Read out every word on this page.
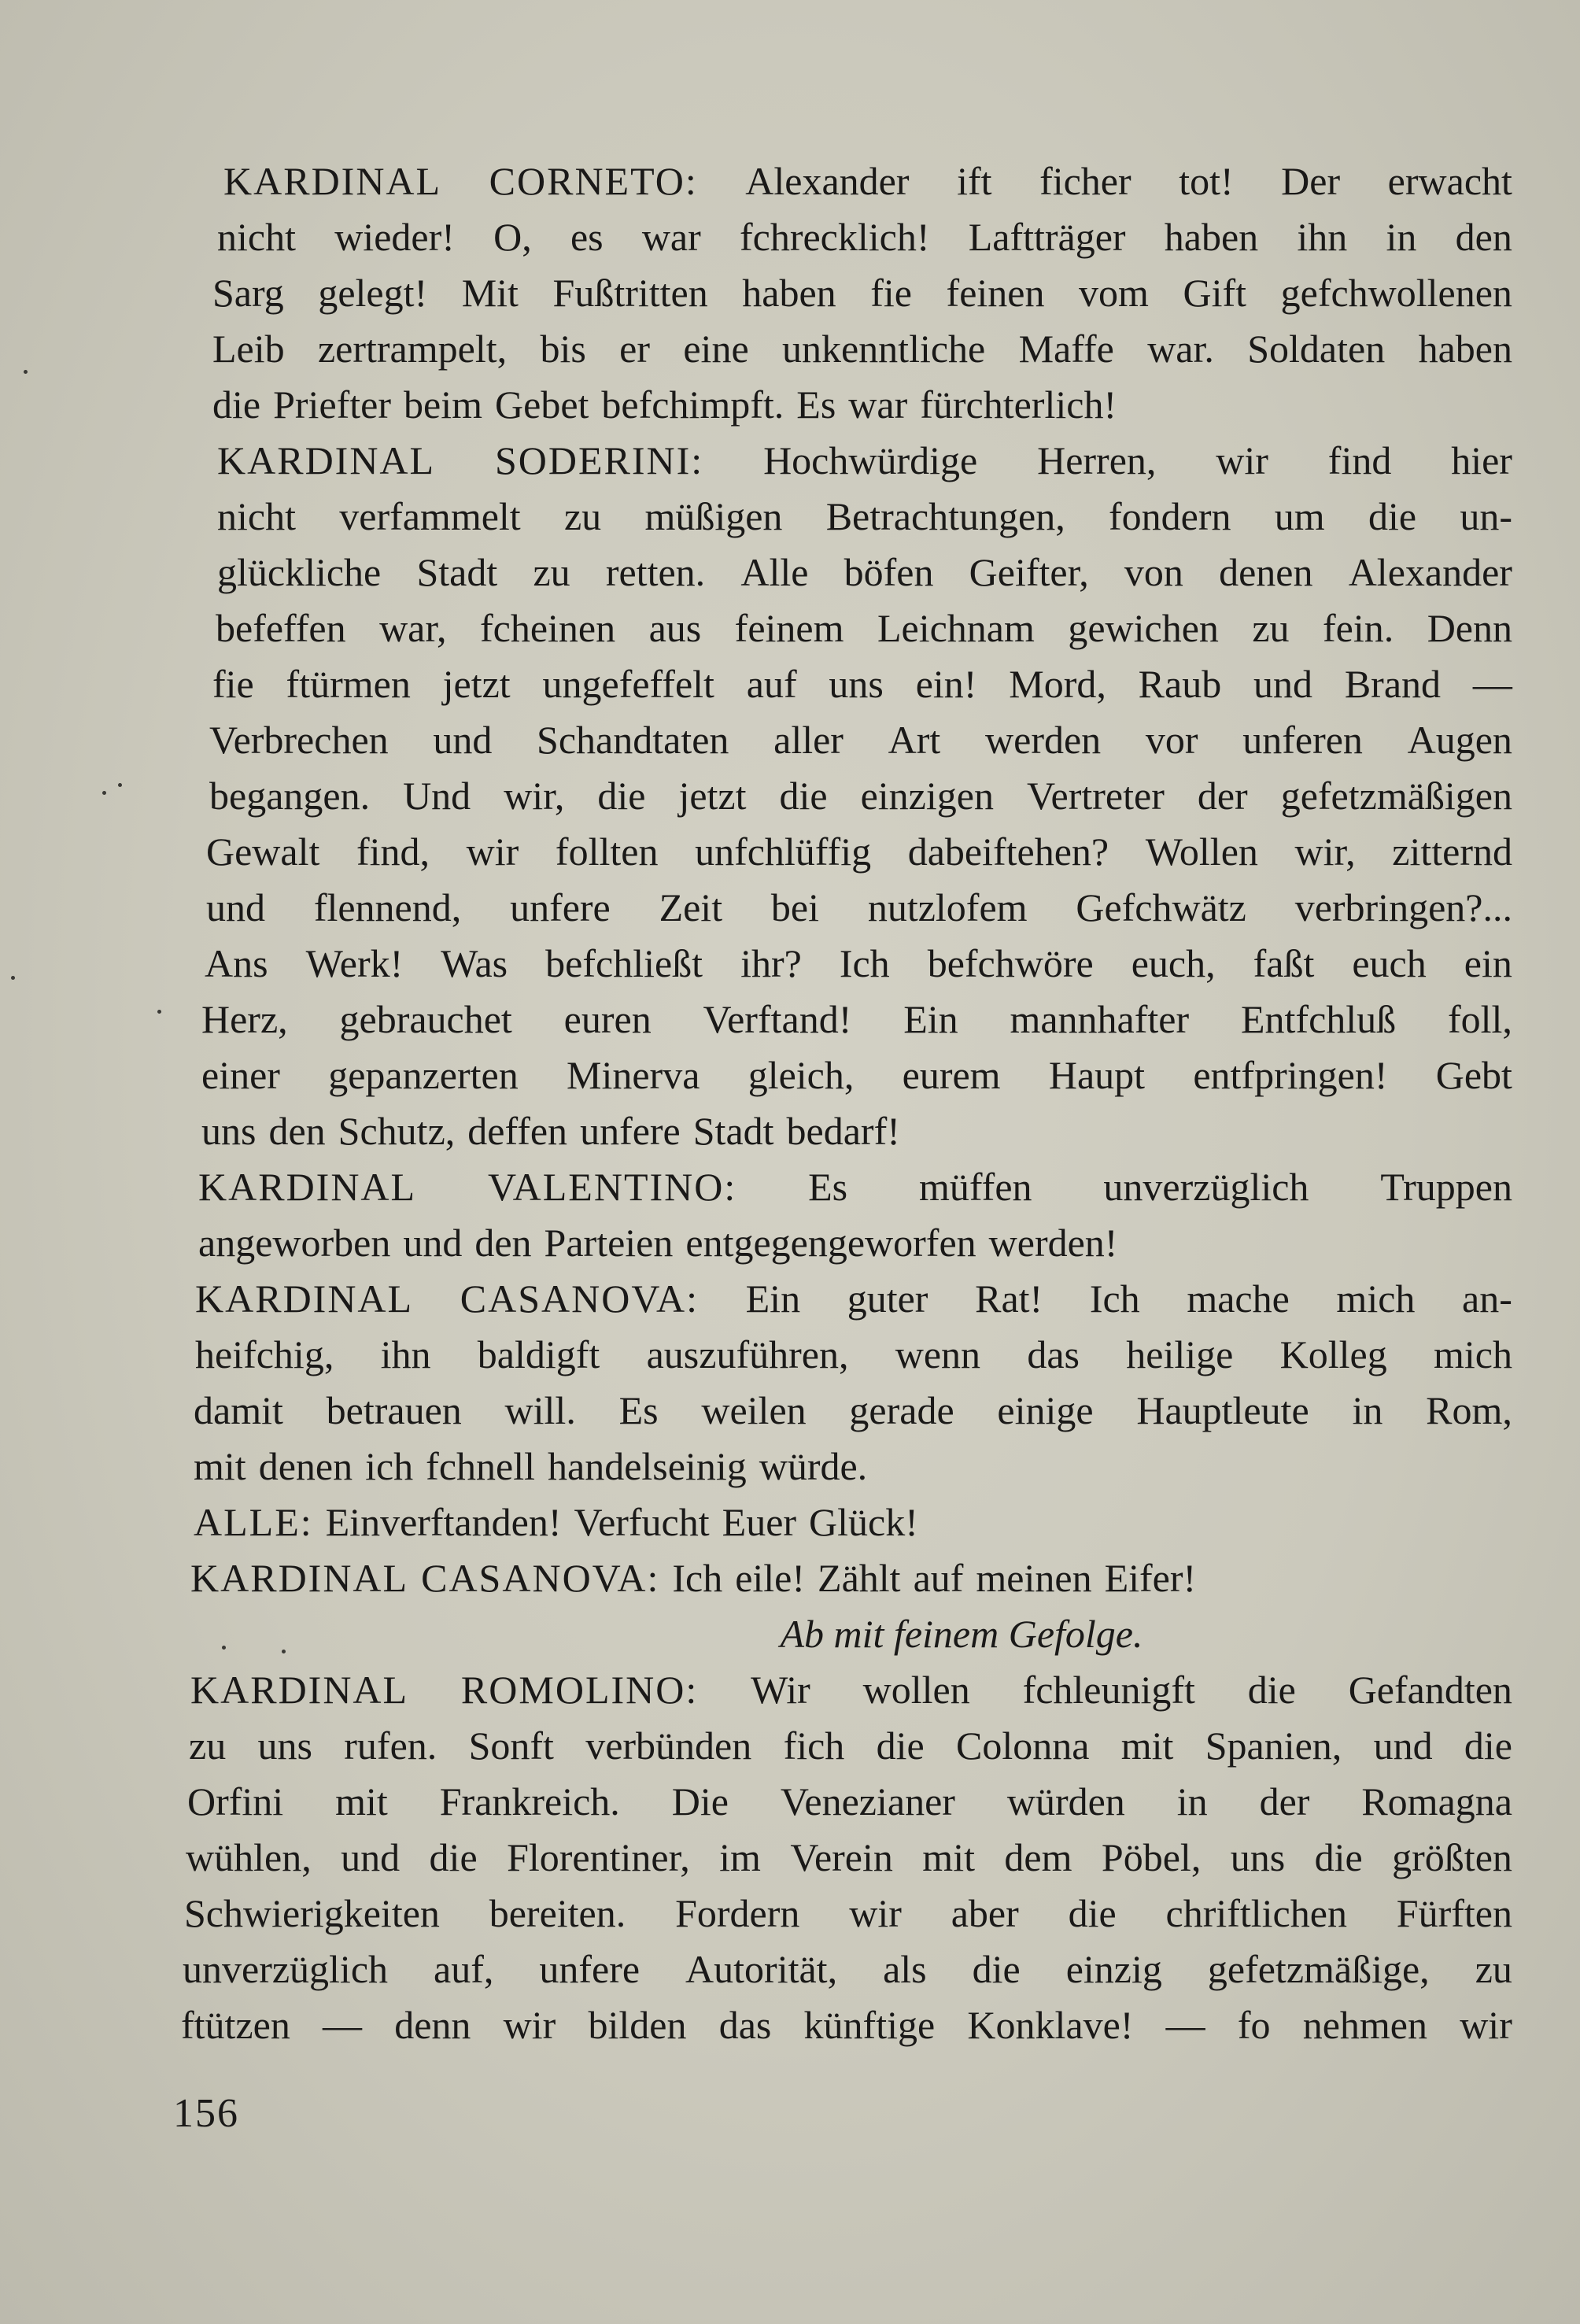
KARDINAL CORNETO: Alexander ift ficher tot! Der erwacht
nicht wieder! O, es war fchrecklich! Laftträger haben ihn in den
Sarg gelegt! Mit Fußtritten haben fie feinen vom Gift gefchwollenen
Leib zertrampelt, bis er eine unkenntliche Maffe war. Soldaten haben
die Priefter beim Gebet befchimpft. Es war fürchterlich!
KARDINAL SODERINI: Hochwürdige Herren, wir find hier
nicht verfammelt zu müßigen Betrachtungen, fondern um die un-
glückliche Stadt zu retten. Alle böfen Geifter, von denen Alexander
befeffen war, fcheinen aus feinem Leichnam gewichen zu fein. Denn
fie ftürmen jetzt ungefeffelt auf uns ein! Mord, Raub und Brand —
Verbrechen und Schandtaten aller Art werden vor unferen Augen
begangen. Und wir, die jetzt die einzigen Vertreter der gefetzmäßigen
Gewalt find, wir follten unfchlüffig dabeiftehen? Wollen wir, zitternd
und flennend, unfere Zeit bei nutzlofem Gefchwätz verbringen?...
Ans Werk! Was befchließt ihr? Ich befchwöre euch, faßt euch ein
Herz, gebrauchet euren Verftand! Ein mannhafter Entfchluß foll,
einer gepanzerten Minerva gleich, eurem Haupt entfpringen! Gebt
uns den Schutz, deffen unfere Stadt bedarf!
KARDINAL VALENTINO: Es müffen unverzüglich Truppen
angeworben und den Parteien entgegengeworfen werden!
KARDINAL CASANOVA: Ein guter Rat! Ich mache mich an-
heifchig, ihn baldigft auszuführen, wenn das heilige Kolleg mich
damit betrauen will. Es weilen gerade einige Hauptleute in Rom,
mit denen ich fchnell handelseinig würde.
ALLE: Einverftanden! Verfucht Euer Glück!
KARDINAL CASANOVA: Ich eile! Zählt auf meinen Eifer!
Ab mit feinem Gefolge.
KARDINAL ROMOLINO: Wir wollen fchleunigft die Gefandten
zu uns rufen. Sonft verbünden fich die Colonna mit Spanien, und die
Orfini mit Frankreich. Die Venezianer würden in der Romagna
wühlen, und die Florentiner, im Verein mit dem Pöbel, uns die größten
Schwierigkeiten bereiten. Fordern wir aber die chriftlichen Fürften
unverzüglich auf, unfere Autorität, als die einzig gefetzmäßige, zu
ftützen — denn wir bilden das künftige Konklave! — fo nehmen wir
156
